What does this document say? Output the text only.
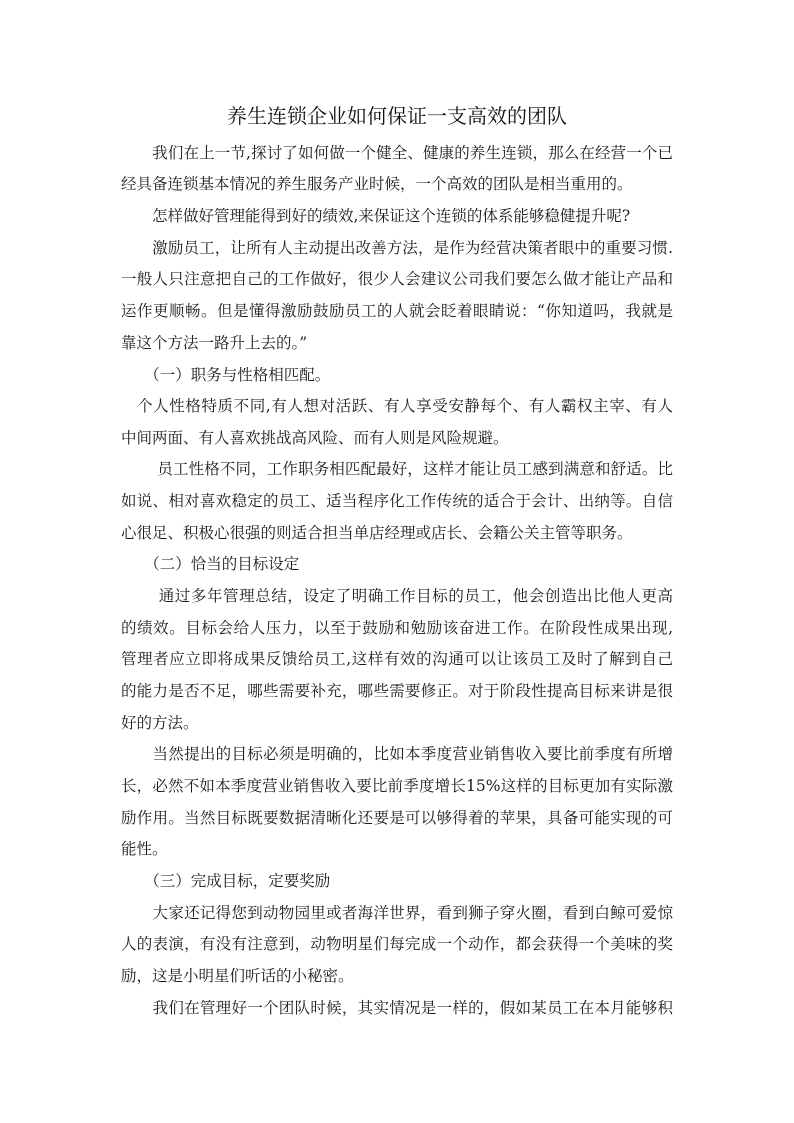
养生连锁企业如何保证一支高效的团队
　　我们在上一节,探讨了如何做一个健全、健康的养生连锁，那么在经营一个已
经具备连锁基本情况的养生服务产业时候，一个高效的团队是相当重用的。
　　怎样做好管理能得到好的绩效,来保证这个连锁的体系能够稳健提升呢?
　　激励员工，让所有人主动提出改善方法，是作为经营决策者眼中的重要习惯.
一般人只注意把自己的工作做好，很少人会建议公司我们要怎么做才能让产品和
运作更顺畅。但是懂得激励鼓励员工的人就会眨着眼睛说：“你知道吗，我就是
靠这个方法一路升上去的。”
　　（一）职务与性格相匹配。
　个人性格特质不同,有人想对活跃、有人享受安静每个、有人霸权主宰、有人
中间两面、有人喜欢挑战高风险、而有人则是风险规避。
　　 员工性格不同，工作职务相匹配最好，这样才能让员工感到满意和舒适。比
如说、相对喜欢稳定的员工、适当程序化工作传统的适合于会计、出纳等。自信
心很足、积极心很强的则适合担当单店经理或店长、会籍公关主管等职务。
　　（二）恰当的目标设定
　　 通过多年管理总结，设定了明确工作目标的员工，他会创造出比他人更高
的绩效。目标会给人压力，以至于鼓励和勉励该奋进工作。在阶段性成果出现,
管理者应立即将成果反馈给员工,这样有效的沟通可以让该员工及时了解到自己
的能力是否不足，哪些需要补充，哪些需要修正。对于阶段性提高目标来讲是很
好的方法。
　　当然提出的目标必须是明确的，比如本季度营业销售收入要比前季度有所增
长，必然不如本季度营业销售收入要比前季度增长15%这样的目标更加有实际激
励作用。当然目标既要数据清晰化还要是可以够得着的苹果，具备可能实现的可
能性。
　　（三）完成目标，定要奖励
　　大家还记得您到动物园里或者海洋世界，看到狮子穿火圈，看到白鲸可爱惊
人的表演，有没有注意到，动物明星们每完成一个动作，都会获得一个美味的奖
励，这是小明星们听话的小秘密。
　　我们在管理好一个团队时候，其实情况是一样的，假如某员工在本月能够积
